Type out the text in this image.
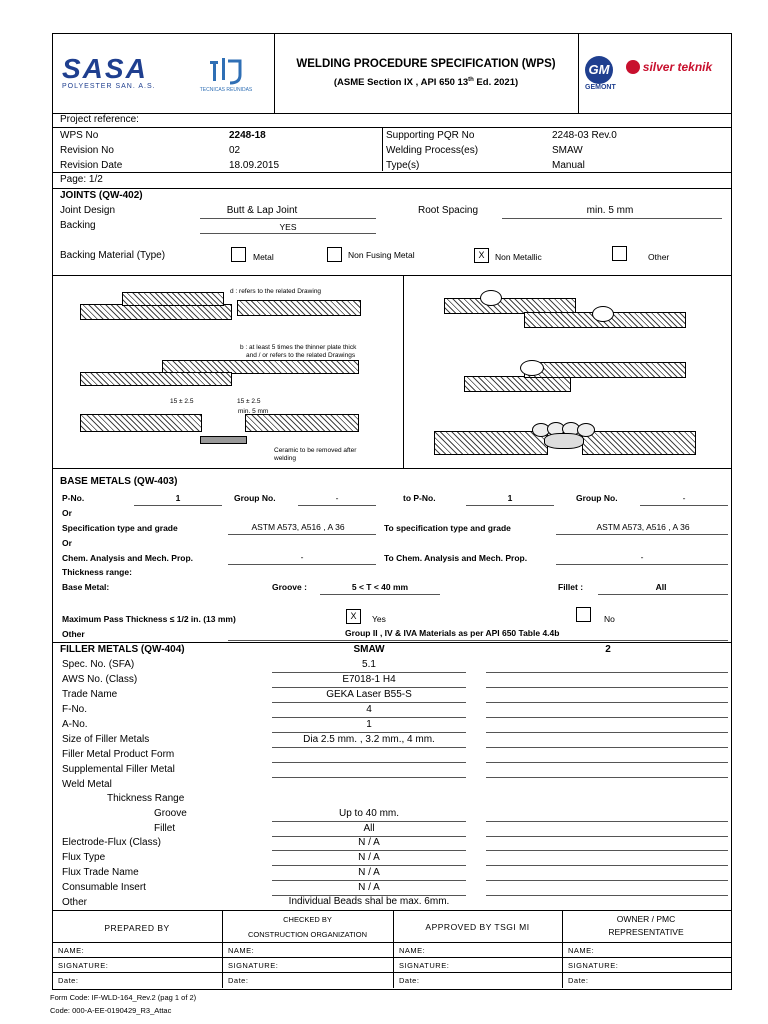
SASA
POLYESTER SAN. A.S.	TECNICAS REUNIDAS
WELDING PROCEDURE SPECIFICATION (WPS)
(ASME Section IX , API 650 13th Ed. 2021)
GM
GEMONT
silver teknik
Project reference:
WPS No	2248-18
Revision No	02
Revision Date	18.09.2015
Supporting PQR No	2248-03 Rev.0
Welding Process(es)	SMAW
Type(s)	Manual
Page: 1/2
JOINTS (QW-402)
Joint Design	Butt & Lap Joint	Root Spacing	min. 5 mm
Backing	YES
Backing Material (Type)	Metal	Non Fusing Metal	X	Non Metallic	Other
d : refers to the related Drawing
b : at least 5 times the thinner plate thick
and / or refers to the related Drawings
15 ± 2.5	15 ± 2.5
min. 5 mm
Ceramic to be removed after
welding
BASE METALS (QW-403)
P-No.	1	Group No.	-	to P-No.	1	Group No.	-
Or
Specification type and grade	ASTM A573, A516 , A 36	To specification type and grade	ASTM A573, A516 , A 36
Or
Chem. Analysis and Mech. Prop.	-	To Chem. Analysis and Mech. Prop.	-
Thickness range:
Base Metal:	Groove :	5 < T < 40 mm	Fillet :	All
Maximum Pass Thickness ≤ 1/2 in. (13 mm)	X	Yes	No
Other	Group II , IV & IVA Materials as per API 650 Table 4.4b
FILLER METALS (QW-404)	SMAW	2
Spec. No. (SFA)	5.1
AWS No. (Class)	E7018-1 H4
Trade Name	GEKA Laser B55-S
F-No.	4
A-No.	1
Size of Filler Metals	Dia 2.5 mm. , 3.2 mm., 4 mm.
Filler Metal Product Form
Supplemental Filler Metal
Weld Metal
Thickness Range
Groove	Up to 40 mm.
Fillet	All
Electrode-Flux (Class)	N / A
Flux Type	N / A
Flux Trade Name	N / A
Consumable Insert	N / A
Other	Individual Beads shal be max. 6mm.
PREPARED BY
CHECKED BY
CONSTRUCTION ORGANIZATION
APPROVED BY TSGI MI
OWNER / PMC
REPRESENTATIVE
NAME:
SIGNATURE:
Date:
NAME:
SIGNATURE:
Date:
NAME:
SIGNATURE:
Date:
NAME:
SIGNATURE:
Date:
Form Code: IF-WLD-164_Rev.2 (pag 1 of 2)
Code: 000-A-EE-0190429_R3_Attac
